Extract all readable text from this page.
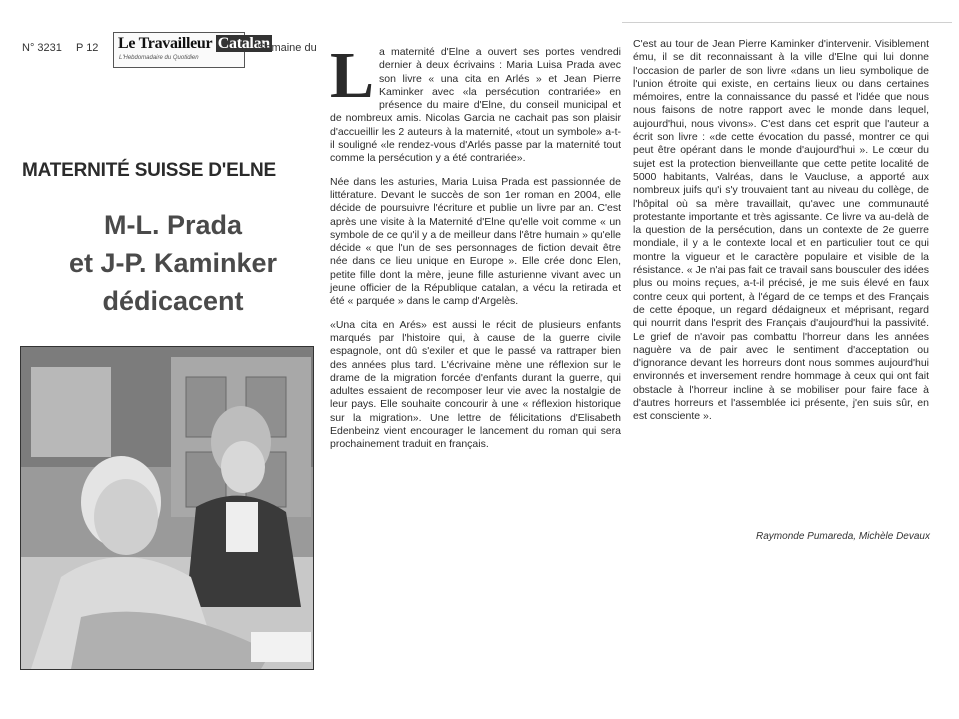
N° 3231 P 12 Le Travailleur Catalan
L'Hebdomadaire du Quotidien
Semaine du
MATERNITÉ SUISSE D'ELNE
M-L. Prada
et J-P. Kaminker
dédicacent

La maternité d'Elne a ouvert ses portes vendredi dernier à deux écrivains : Maria Luisa Prada avec son livre « una cita en Arlés » et Jean Pierre Kaminker avec «la persécution contrariée» en présence du maire d'Elne, du conseil municipal et de nombreux amis. Nicolas Garcia ne cachait pas son plaisir d'accueillir les 2 auteurs à la maternité, «tout un symbole» a-t-il souligné «le rendez-vous d'Arlés passe par la maternité tout comme la persécution y a été contrariée».

Née dans les asturies, Maria Luisa Prada est passionnée de littérature. Devant le succès de son 1er roman en 2004, elle décide de poursuivre l'écriture et publie un livre par an. C'est après une visite à la Maternité d'Elne qu'elle voit comme « un symbole de ce qu'il y a de meilleur dans l'être humain » qu'elle décide « que l'un de ses personnages de fiction devait être née dans ce lieu unique en Europe ». Elle crée donc Elen, petite fille dont la mère, jeune fille asturienne vivant avec un jeune officier de la République catalan, a vécu la retirada et été « parquée » dans le camp d'Argelès.

«Una cita en Arés» est aussi le récit de plusieurs enfants marqués par l'histoire qui, à cause de la guerre civile espagnole, ont dû s'exiler et que le passé va rattraper bien des années plus tard. L'écrivaine mène une réflexion sur le drame de la migration forcée d'enfants durant la guerre, qui adultes essaient de recomposer leur vie avec la nostalgie de leur pays. Elle souhaite concourir à une « réflexion historique sur la migration». Une lettre de félicitations d'Elisabeth Edenbeinz vient encourager le lancement du roman qui sera prochainement traduit en français.

C'est au tour de Jean Pierre Kaminker d'intervenir. Visiblement ému, il se dit reconnaissant à la ville d'Elne qui lui donne l'occasion de parler de son livre «dans un lieu symbolique de l'union étroite qui existe, en certains lieux ou dans certaines mémoires, entre la connaissance du passé et l'idée que nous nous faisons de notre rapport avec le monde dans lequel, aujourd'hui, nous vivons». C'est dans cet esprit que l'auteur a écrit son livre : «de cette évocation du passé, montrer ce qui peut être opérant dans le monde d'aujourd'hui ». Le cœur du sujet est la protection bienveillante que cette petite localité de 5000 habitants, Valréas, dans le Vaucluse, a apporté aux nombreux juifs qu'i s'y trouvaient tant au niveau du collège, de l'hôpital où sa mère travaillait, qu'avec une communauté protestante importante et très agissante. Ce livre va au-delà de la question de la persécution, dans un contexte de 2e guerre mondiale, il y a le contexte local et en particulier tout ce qui montre la vigueur et le caractère populaire et visible de la résistance. « Je n'ai pas fait ce travail sans bousculer des idées plus ou moins reçues, a-t-il précisé, je me suis élevé en faux contre ceux qui portent, à l'égard de ce temps et des Français de cette époque, un regard dédaigneux et méprisant, regard qui nourrit dans l'esprit des Français d'aujourd'hui la passivité. Le grief de n'avoir pas combattu l'horreur dans les années naguère va de pair avec le sentiment d'acceptation ou d'ignorance devant les horreurs dont nous sommes aujourd'hui environnés et inversement rendre hommage à ceux qui ont fait obstacle à l'horreur incline à se mobiliser pour faire face à d'autres horreurs et l'assemblée ici présente, j'en suis sûr, en est consciente ».

Raymonde Pumareda, Michèle Devaux
